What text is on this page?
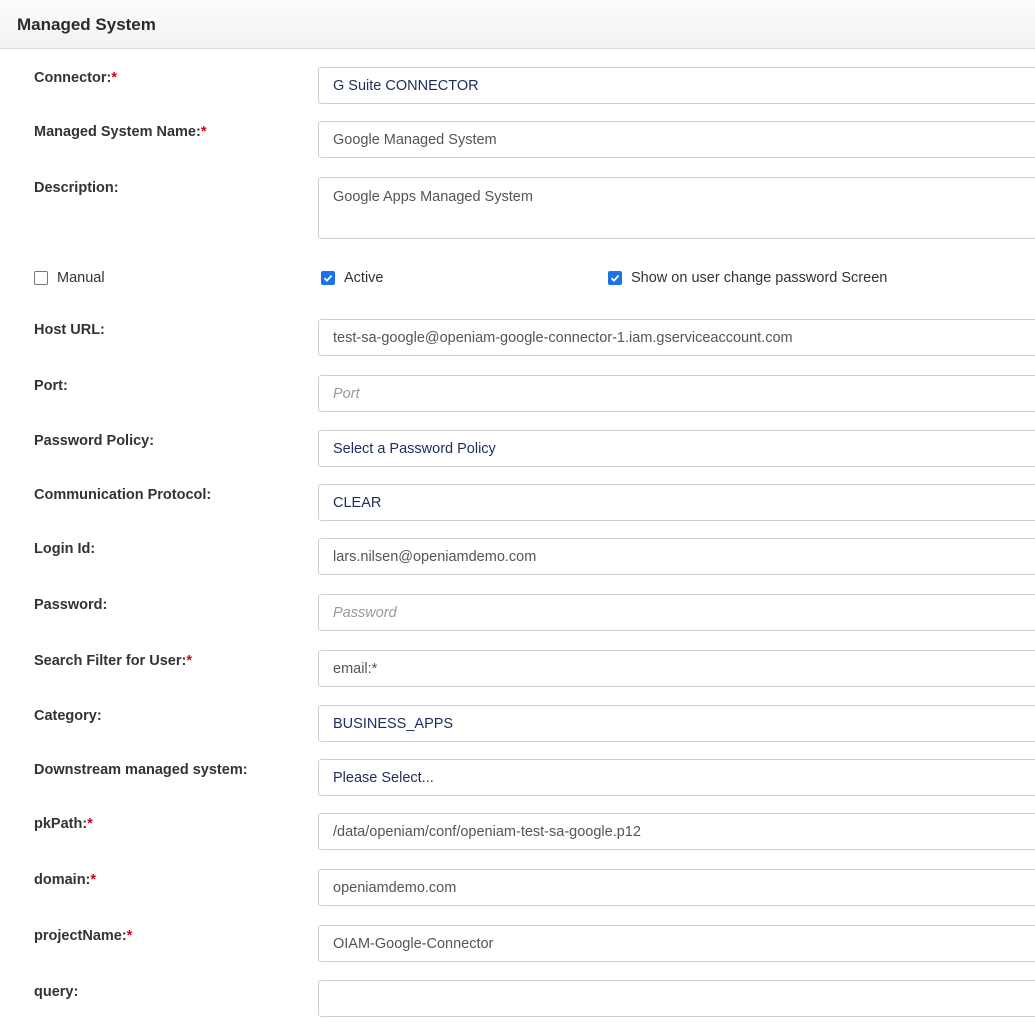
Managed System
Connector:*	G Suite CONNECTOR
Managed System Name:*	Google Managed System
Description:
Google Apps Managed System
Manual	Active	Show on user change password Screen
Host URL:	test-sa-google@openiam-google-connector-1.iam.gserviceaccount.com
Port:	Port
Password Policy:	Select a Password Policy
Communication Protocol:	CLEAR
Login Id:	lars.nilsen@openiamdemo.com
Password:	Password
Search Filter for User:*	email:*
Category:	BUSINESS_APPS
Downstream managed system:	Please Select...
pkPath:*	/data/openiam/conf/openiam-test-sa-google.p12
domain:*	openiamdemo.com
projectName:*	OIAM-Google-Connector
query:
